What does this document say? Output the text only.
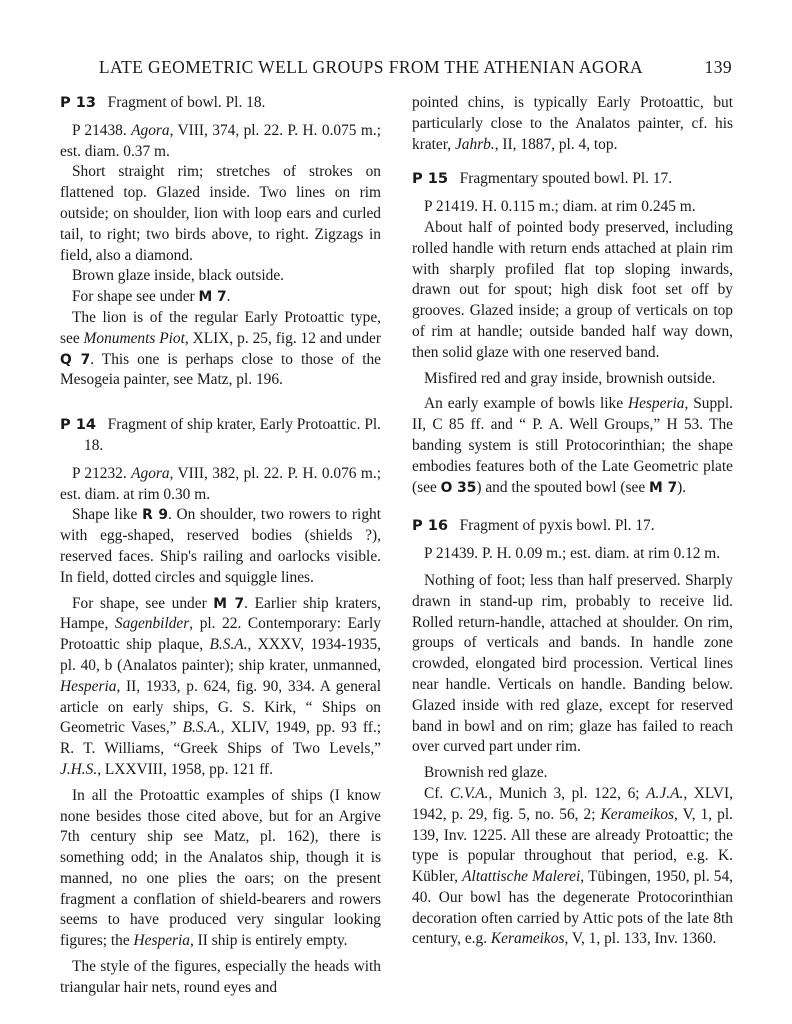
LATE GEOMETRIC WELL GROUPS FROM THE ATHENIAN AGORA	139

P 13 Fragment of bowl. Pl. 18.

P 21438. Agora, VIII, 374, pl. 22. P. H. 0.075 m.; est. diam. 0.37 m.

Short straight rim; stretches of strokes on flattened top. Glazed inside. Two lines on rim outside; on shoulder, lion with loop ears and curled tail, to right; two birds above, to right. Zigzags in field, also a diamond.

Brown glaze inside, black outside.

For shape see under M 7.

The lion is of the regular Early Protoattic type, see Monuments Piot, XLIX, p. 25, fig. 12 and under Q 7. This one is perhaps close to those of the Mesogeia painter, see Matz, pl. 196.

P 14 Fragment of ship krater, Early Protoattic. Pl. 18.

P 21232. Agora, VIII, 382, pl. 22. P. H. 0.076 m.; est. diam. at rim 0.30 m.

Shape like R 9. On shoulder, two rowers to right with egg-shaped, reserved bodies (shields ?), reserved faces. Ship's railing and oarlocks visible. In field, dotted circles and squiggle lines.

For shape, see under M 7. Earlier ship kraters, Hampe, Sagenbilder, pl. 22. Contemporary: Early Protoattic ship plaque, B.S.A., XXXV, 1934-1935, pl. 40, b (Analatos painter); ship krater, unmanned, Hesperia, II, 1933, p. 624, fig. 90, 334. A general article on early ships, G. S. Kirk, “ Ships on Geometric Vases,” B.S.A., XLIV, 1949, pp. 93 ff.; R. T. Williams, “Greek Ships of Two Levels,” J.H.S., LXXVIII, 1958, pp. 121 ff.

In all the Protoattic examples of ships (I know none besides those cited above, but for an Argive 7th century ship see Matz, pl. 162), there is something odd; in the Analatos ship, though it is manned, no one plies the oars; on the present fragment a conflation of shield-bearers and rowers seems to have produced very singular looking figures; the Hesperia, II ship is entirely empty.

The style of the figures, especially the heads with triangular hair nets, round eyes and

pointed chins, is typically Early Protoattic, but particularly close to the Analatos painter, cf. his krater, Jahrb., II, 1887, pl. 4, top.

P 15 Fragmentary spouted bowl. Pl. 17.

P 21419. H. 0.115 m.; diam. at rim 0.245 m.

About half of pointed body preserved, including rolled handle with return ends attached at plain rim with sharply profiled flat top sloping inwards, drawn out for spout; high disk foot set off by grooves. Glazed inside; a group of verticals on top of rim at handle; outside banded half way down, then solid glaze with one reserved band.

Misfired red and gray inside, brownish outside.

An early example of bowls like Hesperia, Suppl. II, C 85 ff. and “ P. A. Well Groups,” H 53. The banding system is still Protocorinthian; the shape embodies features both of the Late Geometric plate (see O 35) and the spouted bowl (see M 7).

P 16 Fragment of pyxis bowl. Pl. 17.

P 21439. P. H. 0.09 m.; est. diam. at rim 0.12 m.

Nothing of foot; less than half preserved. Sharply drawn in stand-up rim, probably to receive lid. Rolled return-handle, attached at shoulder. On rim, groups of verticals and bands. In handle zone crowded, elongated bird procession. Vertical lines near handle. Verticals on handle. Banding below. Glazed inside with red glaze, except for reserved band in bowl and on rim; glaze has failed to reach over curved part under rim.

Brownish red glaze.

Cf. C.V.A., Munich 3, pl. 122, 6; A.J.A., XLVI, 1942, p. 29, fig. 5, no. 56, 2; Kerameikos, V, 1, pl. 139, Inv. 1225. All these are already Protoattic; the type is popular throughout that period, e.g. K. Kübler, Altattische Malerei, Tübingen, 1950, pl. 54, 40. Our bowl has the degenerate Protocorinthian decoration often carried by Attic pots of the late 8th century, e.g. Kerameikos, V, 1, pl. 133, Inv. 1360.
